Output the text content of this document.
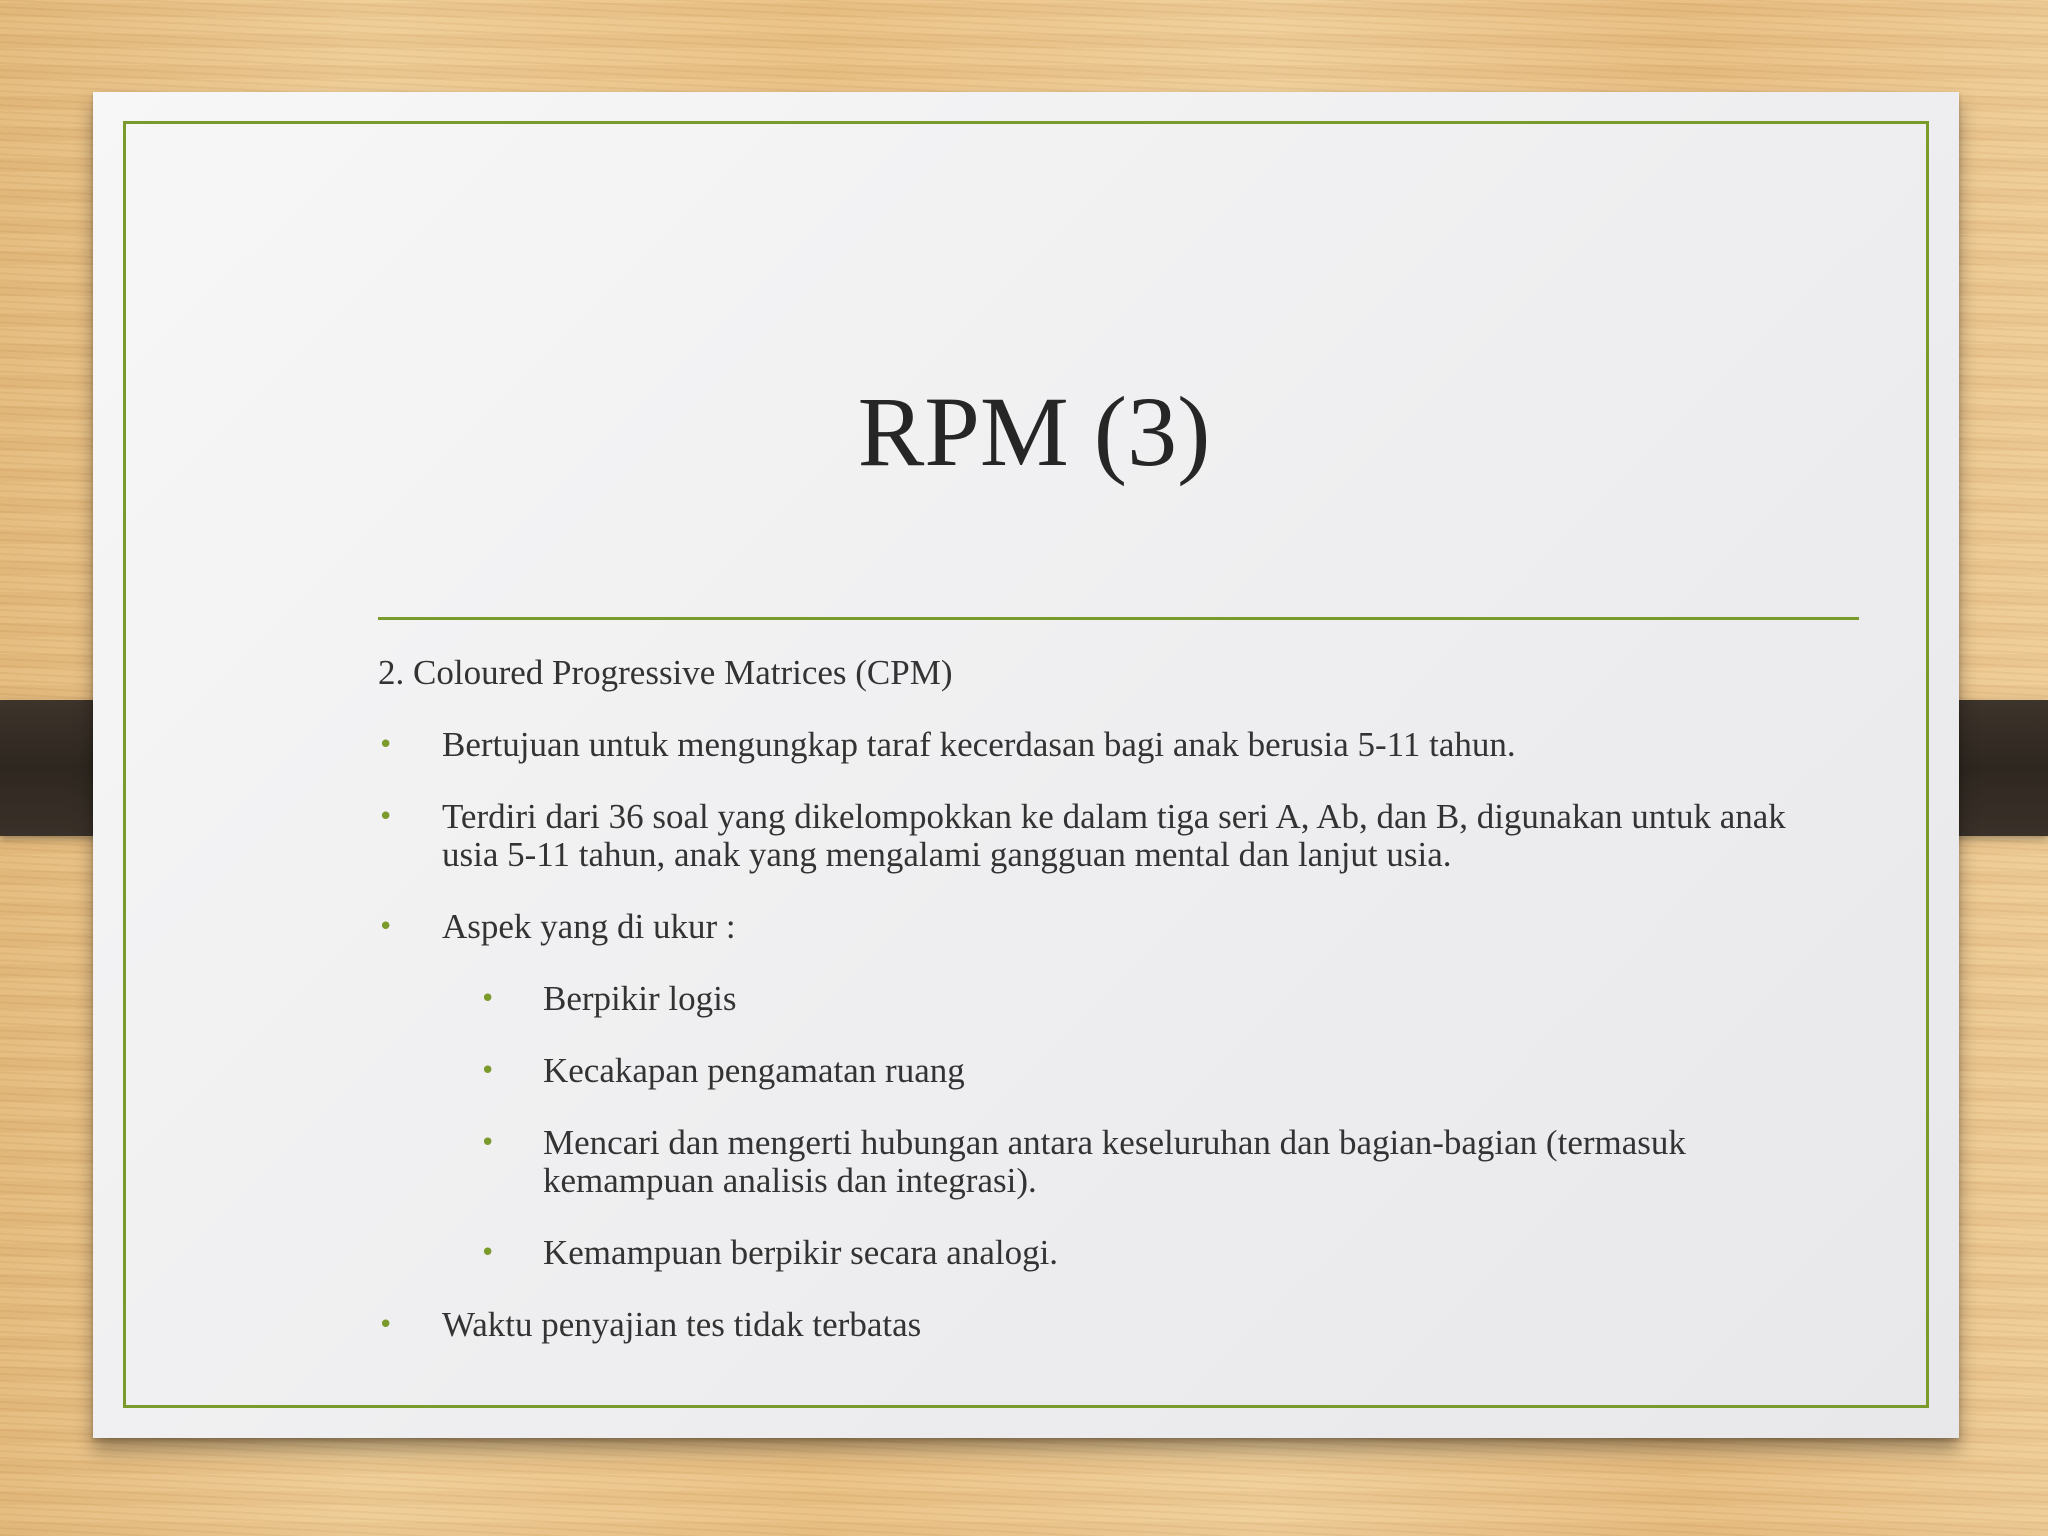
RPM (3)

2. Coloured Progressive Matrices (CPM)

• Bertujuan untuk mengungkap taraf kecerdasan bagi anak berusia 5-11 tahun.
• Terdiri dari 36 soal yang dikelompokkan ke dalam tiga seri A, Ab, dan B, digunakan untuk anak usia 5-11 tahun, anak yang mengalami gangguan mental dan lanjut usia.
• Aspek yang di ukur :
• Berpikir logis
• Kecakapan pengamatan ruang
• Mencari dan mengerti hubungan antara keseluruhan dan bagian-bagian (termasuk kemampuan analisis dan integrasi).
• Kemampuan berpikir secara analogi.
• Waktu penyajian tes tidak terbatas
